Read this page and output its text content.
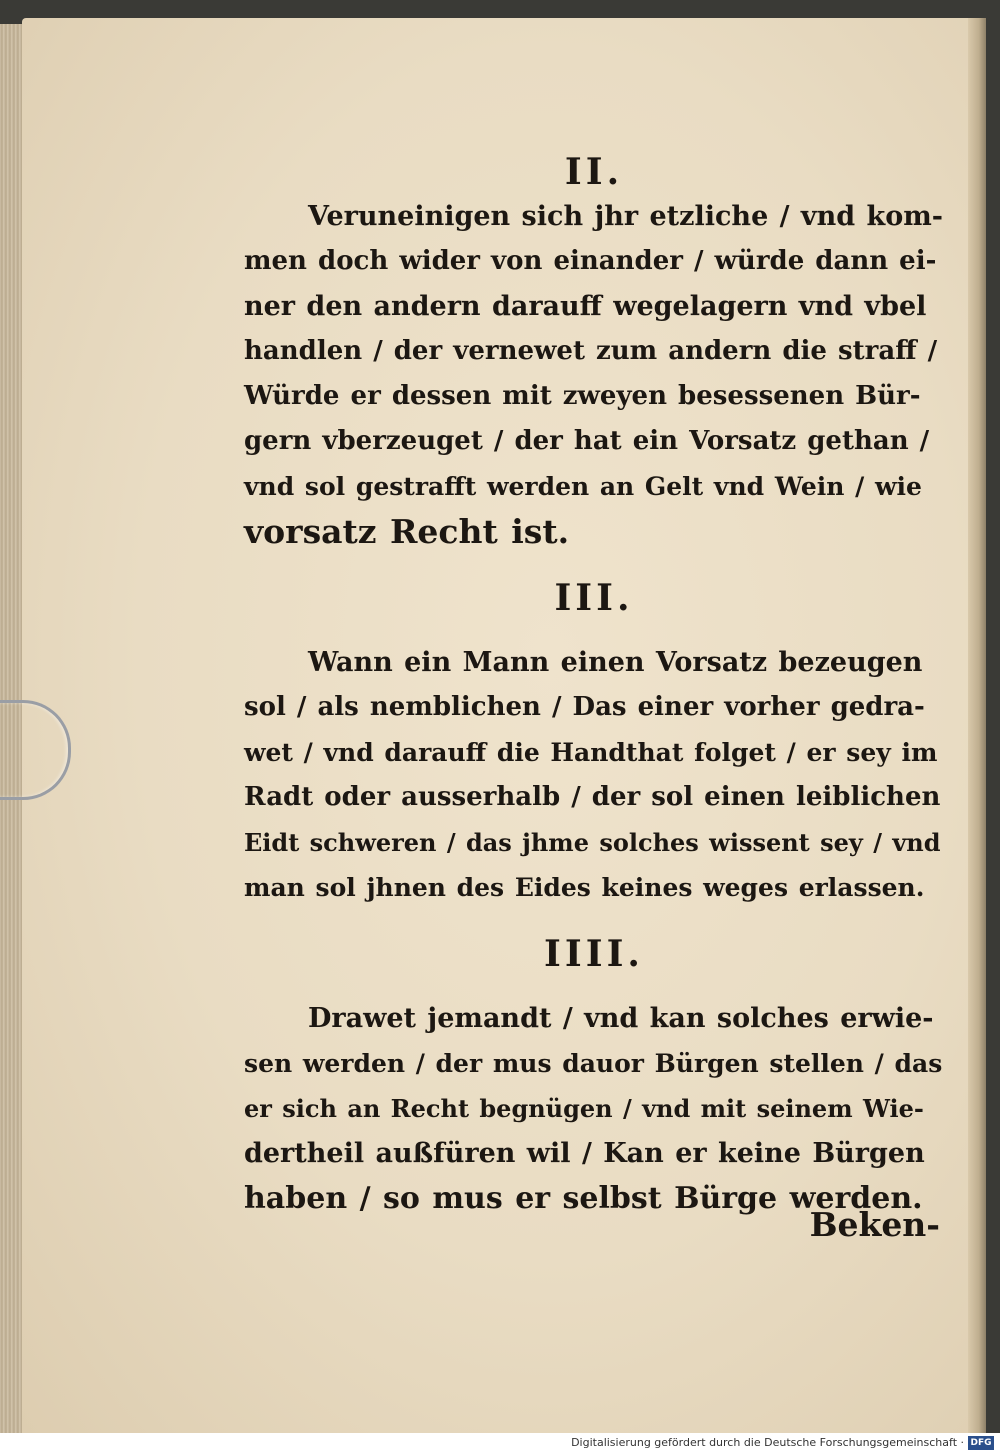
II.

Veruneinigen sich jhr etzliche / vnd kom-
men doch wider von einander / würde dann ei-
ner den andern darauff wegelagern vnd vbel
handlen / der vernewet zum andern die straff /
Würde er dessen mit zweyen besessenen Bür-
gern vberzeuget / der hat ein Vorsatz gethan /
vnd sol gestrafft werden an Gelt vnd Wein / wie
vorsatz Recht ist.

III.

Wann ein Mann einen Vorsatz bezeugen
sol / als nemblichen / Das einer vorher gedra-
wet / vnd darauff die Handthat folget / er sey im
Radt oder ausserhalb / der sol einen leiblichen
Eidt schweren / das jhme solches wissent sey / vnd
man sol jhnen des Eides keines weges erlassen.

IIII.

Drawet jemandt / vnd kan solches erwie-
sen werden / der mus dauor Bürgen stellen / das
er sich an Recht begnügen / vnd mit seinem Wie-
dertheil außfüren wil / Kan er keine Bürgen
haben / so mus er selbst Bürge werden.

Beken-
Digitalisierung gefördert durch die Deutsche Forschungsgemeinschaft · DFG
